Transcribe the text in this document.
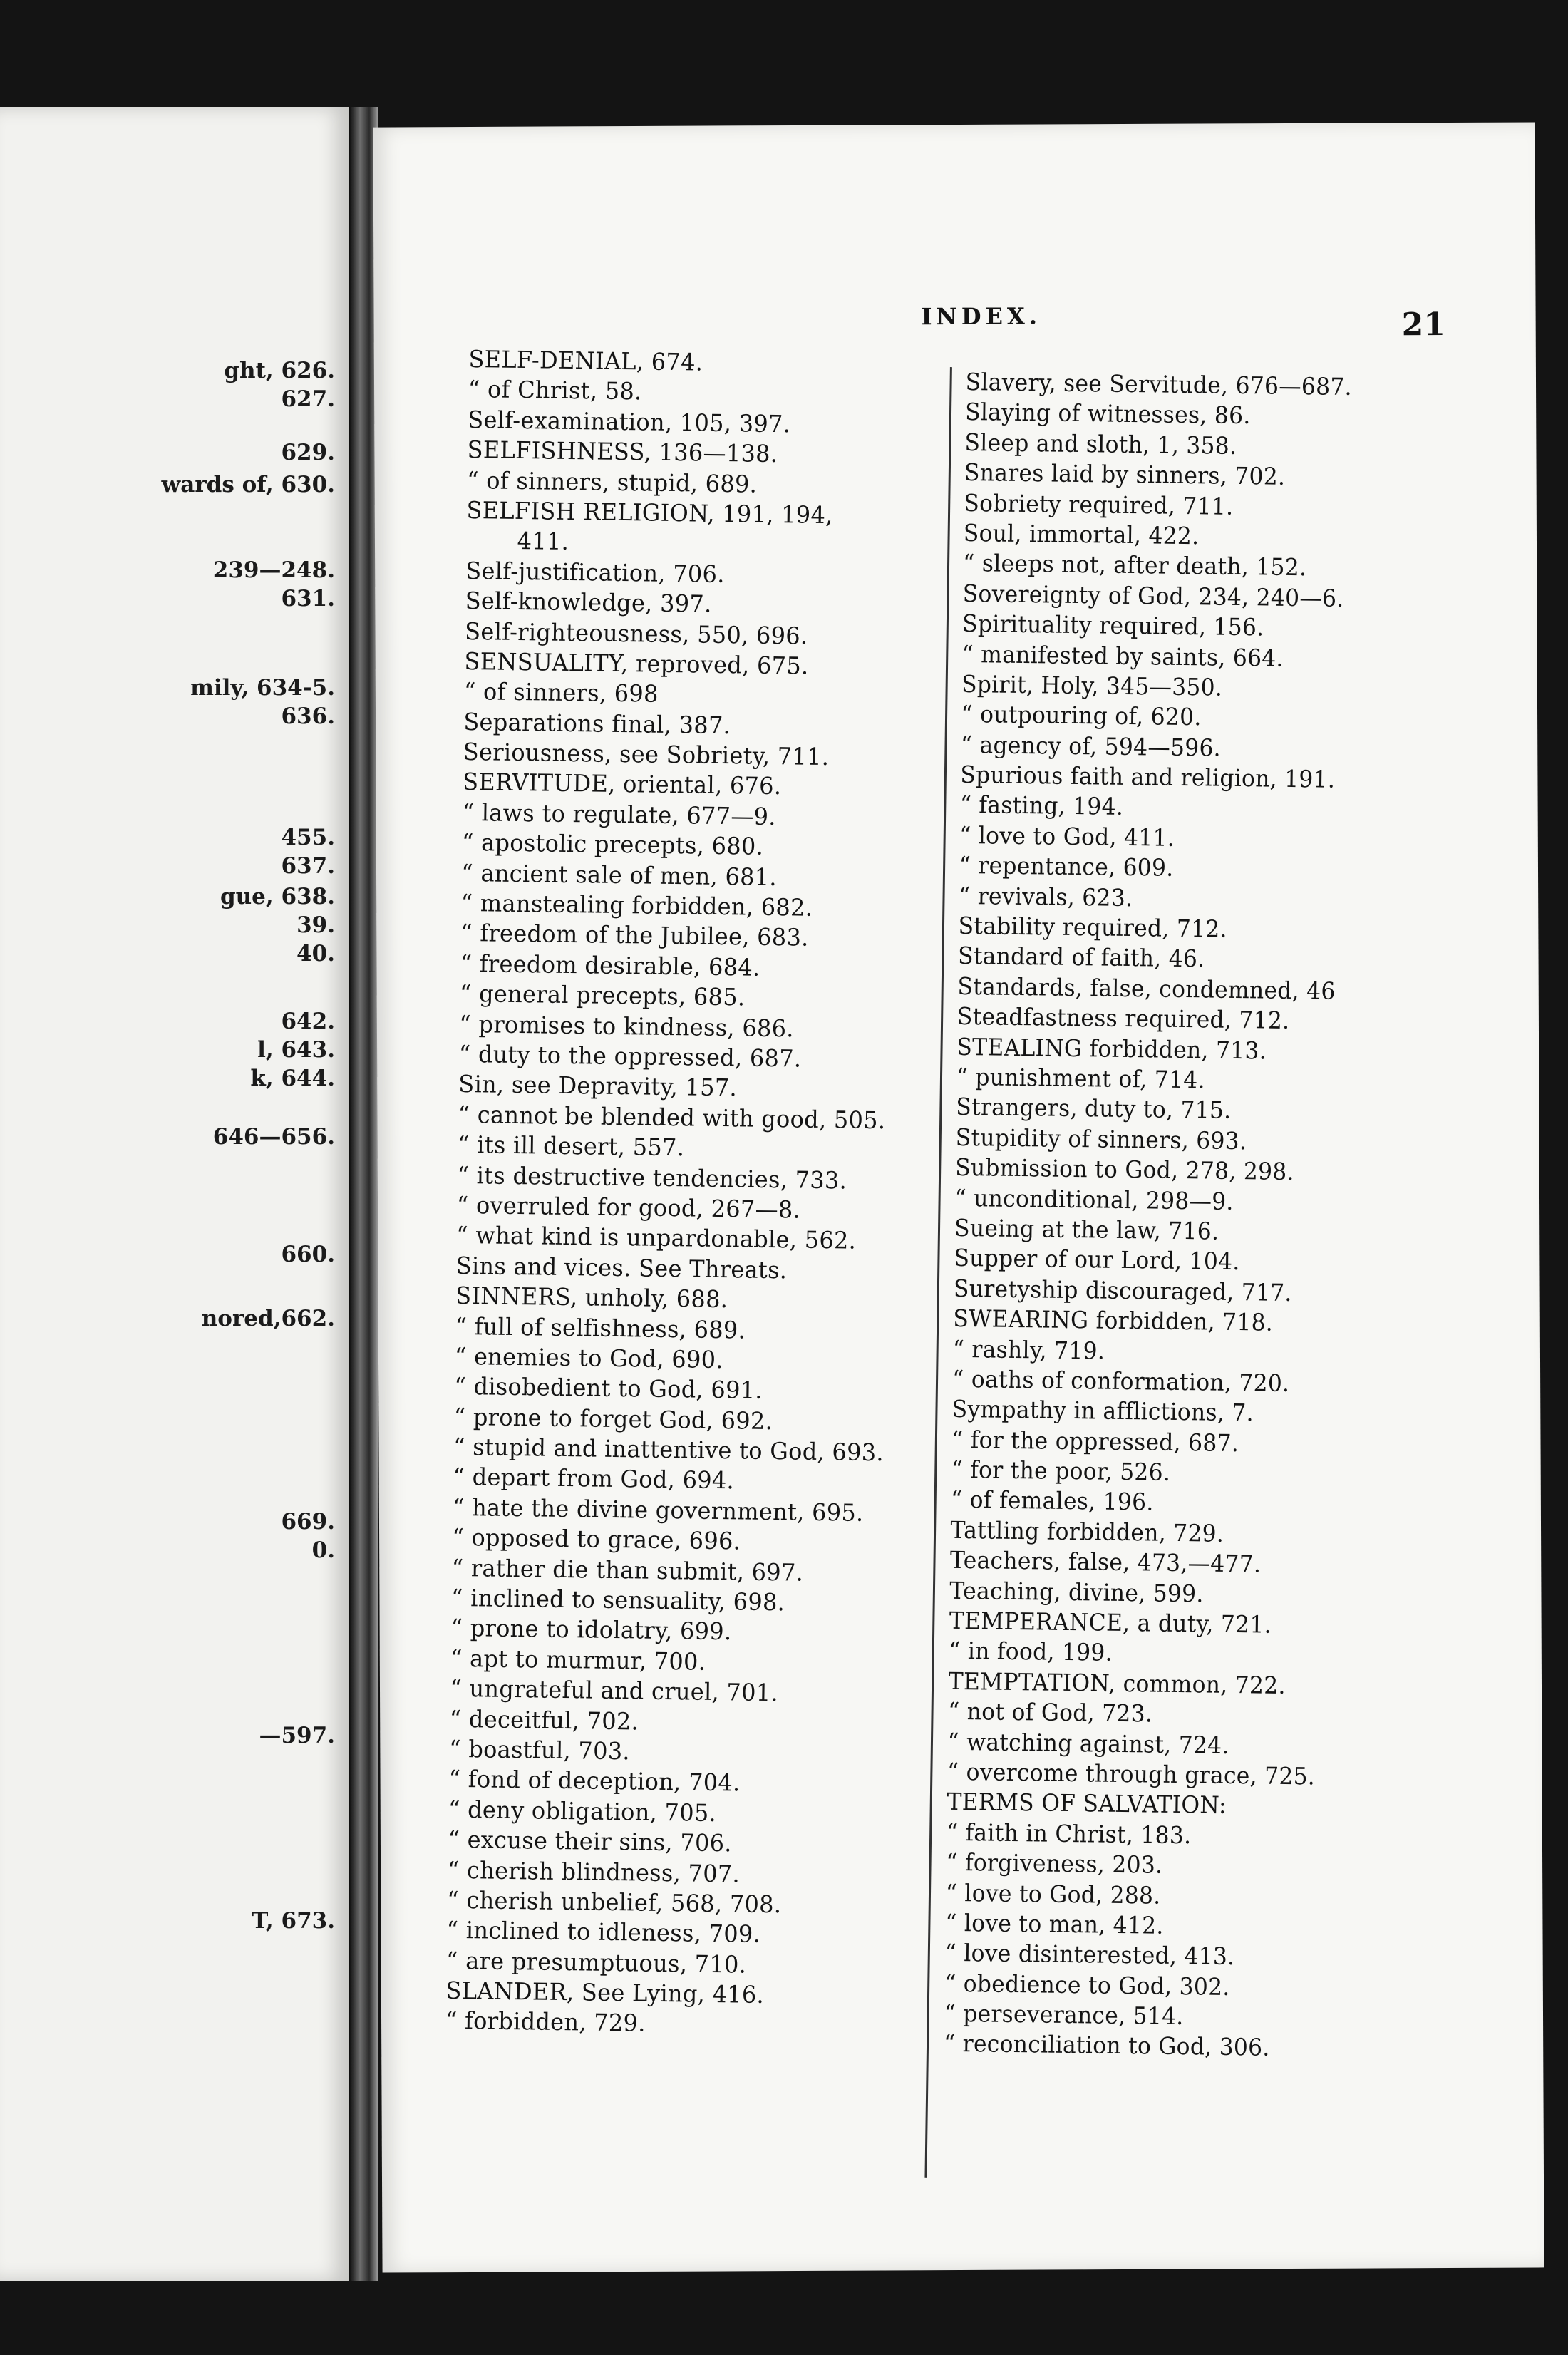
ght, 626.

627.

629.

wards of, 630.

239—248.

631.

mily, 634-5.

636.

455.

637.

gue, 638.

39.

40.

642.

l, 643.

k, 644.

646—656.

660.

nored,662.

669.

0.

—597.

T, 673.

INDEX.	21

SELF-DENIAL, 674.
“ of Christ, 58.
Self-examination, 105, 397.
SELFISHNESS, 136—138.
“ of sinners, stupid, 689.
SELFISH RELIGION, 191, 194,
411.
Self-justification, 706.
Self-knowledge, 397.
Self-righteousness, 550, 696.
SENSUALITY, reproved, 675.
“ of sinners, 698
Separations final, 387.
Seriousness, see Sobriety, 711.
SERVITUDE, oriental, 676.
“ laws to regulate, 677—9.
“ apostolic precepts, 680.
“ ancient sale of men, 681.
“ manstealing forbidden, 682.
“ freedom of the Jubilee, 683.
“ freedom desirable, 684.
“ general precepts, 685.
“ promises to kindness, 686.
“ duty to the oppressed, 687.
Sin, see Depravity, 157.
“ cannot be blended with good, 505.
“ its ill desert, 557.
“ its destructive tendencies, 733.
“ overruled for good, 267—8.
“ what kind is unpardonable, 562.
Sins and vices. See Threats.
SINNERS, unholy, 688.
“ full of selfishness, 689.
“ enemies to God, 690.
“ disobedient to God, 691.
“ prone to forget God, 692.
“ stupid and inattentive to God, 693.
“ depart from God, 694.
“ hate the divine government, 695.
“ opposed to grace, 696.
“ rather die than submit, 697.
“ inclined to sensuality, 698.
“ prone to idolatry, 699.
“ apt to murmur, 700.
“ ungrateful and cruel, 701.
“ deceitful, 702.
“ boastful, 703.
“ fond of deception, 704.
“ deny obligation, 705.
“ excuse their sins, 706.
“ cherish blindness, 707.
“ cherish unbelief, 568, 708.
“ inclined to idleness, 709.
“ are presumptuous, 710.
SLANDER, See Lying, 416.
“ forbidden, 729.
Slavery, see Servitude, 676—687.
Slaying of witnesses, 86.
Sleep and sloth, 1, 358.
Snares laid by sinners, 702.
Sobriety required, 711.
Soul, immortal, 422.
“ sleeps not, after death, 152.
Sovereignty of God, 234, 240—6.
Spirituality required, 156.
“ manifested by saints, 664.
Spirit, Holy, 345—350.
“ outpouring of, 620.
“ agency of, 594—596.
Spurious faith and religion, 191.
“ fasting, 194.
“ love to God, 411.
“ repentance, 609.
“ revivals, 623.
Stability required, 712.
Standard of faith, 46.
Standards, false, condemned, 46
Steadfastness required, 712.
STEALING forbidden, 713.
“ punishment of, 714.
Strangers, duty to, 715.
Stupidity of sinners, 693.
Submission to God, 278, 298.
“ unconditional, 298—9.
Sueing at the law, 716.
Supper of our Lord, 104.
Suretyship discouraged, 717.
SWEARING forbidden, 718.
“ rashly, 719.
“ oaths of conformation, 720.
Sympathy in afflictions, 7.
“ for the oppressed, 687.
“ for the poor, 526.
“ of females, 196.
Tattling forbidden, 729.
Teachers, false, 473,—477.
Teaching, divine, 599.
TEMPERANCE, a duty, 721.
“ in food, 199.
TEMPTATION, common, 722.
“ not of God, 723.
“ watching against, 724.
“ overcome through grace, 725.
TERMS OF SALVATION:
“ faith in Christ, 183.
“ forgiveness, 203.
“ love to God, 288.
“ love to man, 412.
“ love disinterested, 413.
“ obedience to God, 302.
“ perseverance, 514.
“ reconciliation to God, 306.
